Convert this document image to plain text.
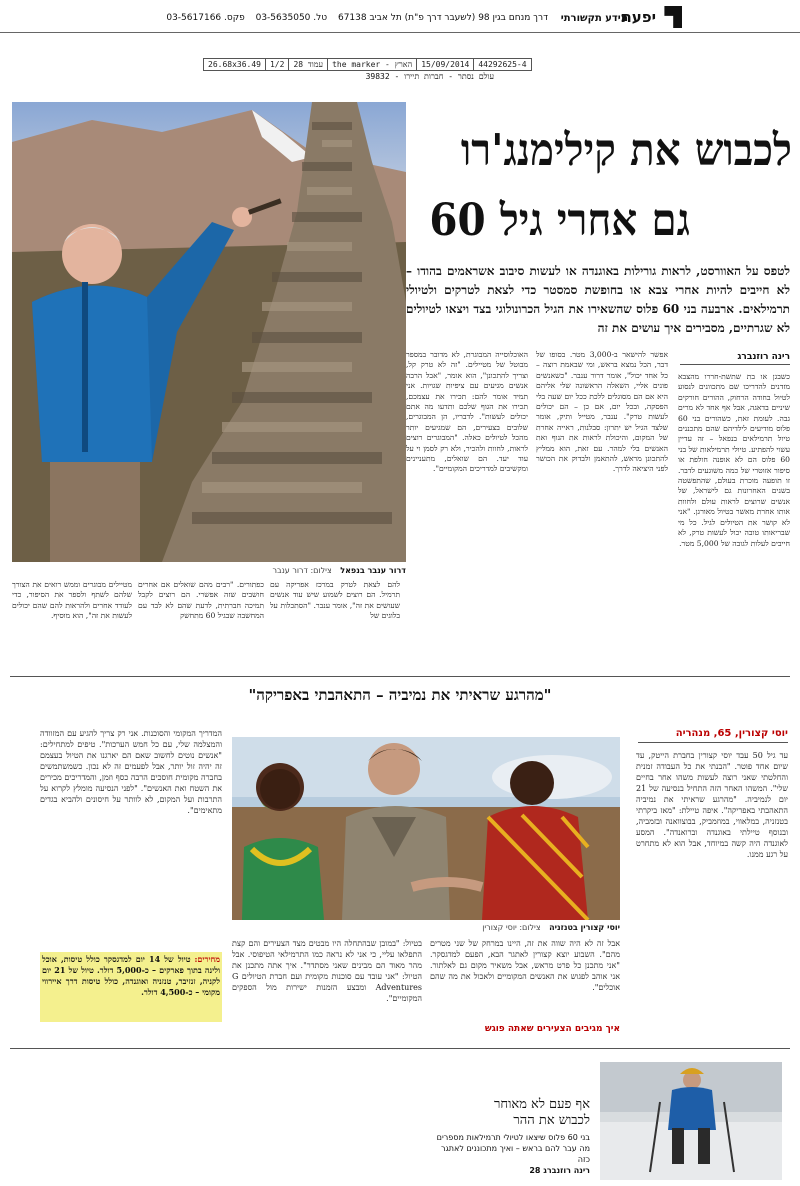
יפעת
מידע תקשורתי
דרך מנחם בגין 98 (לשעבר דרך פ"ת) תל אביב 67138 טל. 03-5635050 פקס. 03-5617166
26.68x36.49	1/2	עמוד 28	the marker - הארץ	15/09/2014	44292625-4
עולם נסתר - חברות תיירו - 39832
דרור ענבר בנפאל צילום: דרור ענבר
לכבוש את קילימנג'רו
גם אחרי גיל 60
לטפס על האוורסט, לראות גורילות באוגנדה או לעשות סיבוב אשראמים בהודו – לא חייבים להיות אחרי צבא או בחופשת סמסטר כדי לצאת לטרקים ולטיולי תרמילאים. ארבעה בני 60 פלוס שהשאירו את הגיל הכרונולוגי בצד ויצאו לטיולים לא שגרתיים, מסבירים איך עושים את זה
רינה רוזנברג
כשבגן או בת שתשת-חררו מהצבא מזדנים להדריכו שם מתכוונים לנסוע לטיול בחודה הרחוק, ההורים חורקים שיניים בדאגה, אבל אף אחד לא מרים גבה. לעומת זאת, כשהורים בני 60 פלוס מודיעים לילדיהם שהם מתכננים טיול תרמילאים בנפאל – זה עדיין עשוי להפתיע. טיולי תרמילאות של בני 60 פלוס הם לא אופנה חולפת או סיפור אזוטרי של כמה משוגעים לדבר. זו תופעה מוכרת בעולם, שהתפשטה בשנים האחרונות גם לישראל, של אנשים שרוצים לראות עולם ולחוות אותו אחרת מאשר בטיול מאורגן. "אני לא קושר את הטיולים לגיל. כל מי שבריאותו טובה יכול לעשות טרק, לא חייבים לעלות לגובה של 5,000 מטר.
אפשר להישאר ב-3,000 מטר. בסופו של דבר, הכל נמצא בראש, ומי שבאמת רוצה – כל אחד יכול", אומר דרור ענבר. "כשאנשים פונים אליי, השאלה הראשונה שלי אליהם היא אם הם מסוגלים ללכת ככל יום שעה בלי הפסקה, ובכל יום, אם כן – הם יכולים לעשות טרק". ענבר, מטייל ותיק, אומר שלצד הגיל יש יתרון: סבלנות, ראייה אחרת של המקום, והיכולת לראות את הנוף ואת האנשים בלי למהר. עם זאת, הוא ממליץ להתכונן מראש, להתאמן ולבדוק את הכושר לפני היציאה לדרך.
האוכלוסייה המבוגרת, לא מדובר במספר מבוטל של מטיילים. "זה לא טרק קל, וצריך להתכונן", הוא אומר, "אבל הרבה אנשים מגיעים עם ציפיות שגויות. אני תמיד אומר להם: תכירו את עצמכם, תכירו את הגוף שלכם ותדעו מה אתם יכולים לעשות". לדבריו, הן המבוגרים, שלובים בצעירים, הם שמגיעים יותר מהכל לטיולים כאלה. "המבוגרים רוצים לראות, לחוות ולהכיר, ולא רק לסמן וי על עוד יעד. הם שואלים, מתעניינים ומקשיבים למדריכים המקומיים".
להם לצאת לטרק במרכז אפריקה עם תרמיל. הם רוצים לשמוע שיש עוד אנשים שעושים את זה", אומר ענבר. "הסתכלות על בלוגים של
כפתורים. "רבים מהם שואלים אם אחרים חושבים שזה אפשרי. הם רוצים לקבל תמיכה חברתית, לדעת שהם לא לבד עם המחשבה שבגיל 60 מתחשק
מטיילים מבוגרים וממש רואים את הצורך שלהם לשתף ולספר את הסיפור, כדי לעודד אחרים ולהראות להם שהם יכולים לעשות את זה", הוא מוסיף.
"מהרגע שראיתי את נמיביה – התאהבתי באפריקה"
יוסי קצורין, 65, מנהריה
עד גיל 50 עבד יוסי קצורין בחברת הייטק, עד שיום אחד פוטר. "הבנתי את כל העבודה זמנית והחלטתי שאני רוצה לעשות משהו אחר בחיים שלי". המשהו האחר הזה התחיל בנסיעה של 21 יום לנמיביה. "מהרגע שראיתי את נמיביה התאהבתי באפריקה". איפה טיילת: "מאז ביקרתי בטנזניה, במלאווי, במוזמביק, בבוצוואנה ובזמביה, ובנוסף טיילתי באוגנדה וברואנדה". המסע לאוגנדה היה קשה במיוחד, אבל הוא לא מתחרט על רגע ממנו.
יוסי קצורין בטנזניה צילום: יוסי קצורין
אבל זה לא היה שווה את זה, היינו במרחק של שני מטרים מהם". השבוע יוצא קצורין לאתגר הבא, הפעם למדגסקר. "אני מתכנן כל פרט מראש, אבל משאיר מקום גם לאלתור. אני אוהב לפגוש את האנשים המקומיים ולאכול את מה שהם אוכלים".
בטיול: "במובן שבהתחלה היו מבטים מצד הצעירים והם קצת התפלאו עליי, כי אני לא נראה כמו התרמילאי הטיפוסי. אבל מהר מאוד הם מבינים שאני מסתדר". איך אתה מתכנן את הטיול: "אני עובד עם סוכנות מקומית ועם חברת הטיולים G Adventures ומבצע הזמנות ישירות מול הספקים המקומיים".
איך מגיבים הצעירים שאתה פוגש
המדריך המקומי והסוכנות. אני רק צריך להגיע עם המזוודה והמצלמה שלי, עם כל חמש הערכות". טיפים למתחילים: "אנשים נוטים לחשוב שאם הם יארגנו את הטיול בעצמם זה יהיה זול יותר, אבל לפעמים זה לא נכון. כשמשתמשים בחברה מקומית חוסכים הרבה כסף וזמן, והמדריכים מכירים את השטח ואת האנשים". "לפני הנסיעה מומלץ לקרוא על התרבות ועל המקום, לא לוותר על חיסונים ולהביא בגדים מתאימים".
מחירים: טיול של 14 יום למדגסקר כולל טיסות, אוכל ולינה בתוך פארקים – כ-5,000 דולר. טיול של 21 יום לקניה, זנזיבר, טנזניה ואוגנדה, כולל טיסות דרך איירווי מקומי – כ-4,500 דולר.
אף פעם לא מאוחר
לכבוש את ההר
בני 60 פלוס שיצאו לטיולי תרמילאות מספרים מה עבר להם בראש – ואיך מתכוננים לאתגר כזה
רינה רוזנברג 28
